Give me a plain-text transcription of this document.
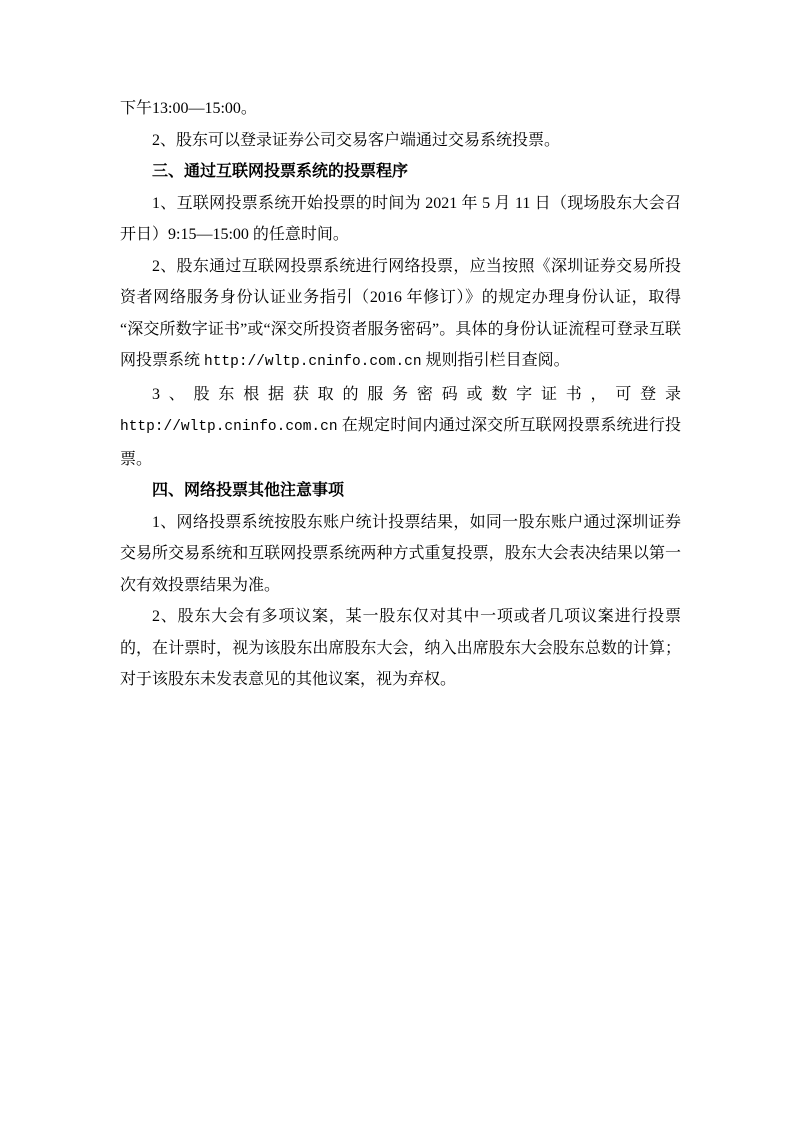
下午13:00—15:00。

2、股东可以登录证券公司交易客户端通过交易系统投票。

三、通过互联网投票系统的投票程序

1、互联网投票系统开始投票的时间为 2021 年 5 月 11 日（现场股东大会召开日）9:15—15:00 的任意时间。

2、股东通过互联网投票系统进行网络投票，应当按照《深圳证券交易所投资者网络服务身份认证业务指引（2016 年修订）》的规定办理身份认证，取得“深交所数字证书”或“深交所投资者服务密码”。具体的身份认证流程可登录互联网投票系统 http://wltp.cninfo.com.cn 规则指引栏目查阅。

3、股东根据获取的服务密码或数字证书，可登录 http://wltp.cninfo.com.cn 在规定时间内通过深交所互联网投票系统进行投票。

四、网络投票其他注意事项

1、网络投票系统按股东账户统计投票结果，如同一股东账户通过深圳证券交易所交易系统和互联网投票系统两种方式重复投票，股东大会表决结果以第一次有效投票结果为准。

2、股东大会有多项议案，某一股东仅对其中一项或者几项议案进行投票的，在计票时，视为该股东出席股东大会，纳入出席股东大会股东总数的计算；对于该股东未发表意见的其他议案，视为弃权。
